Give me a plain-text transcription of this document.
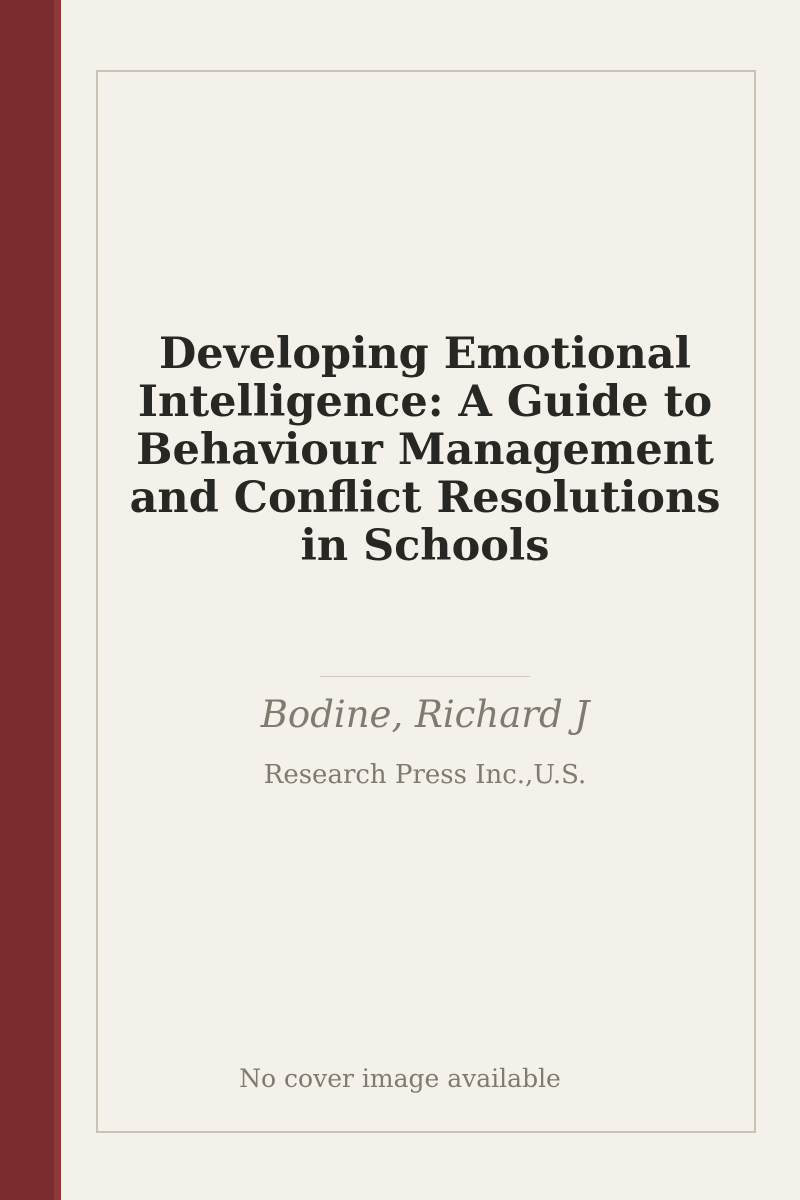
Developing Emotional Intelligence: A Guide to Behaviour Management and Conflict Resolutions in Schools
Bodine, Richard J
Research Press Inc.,U.S.
No cover image available
